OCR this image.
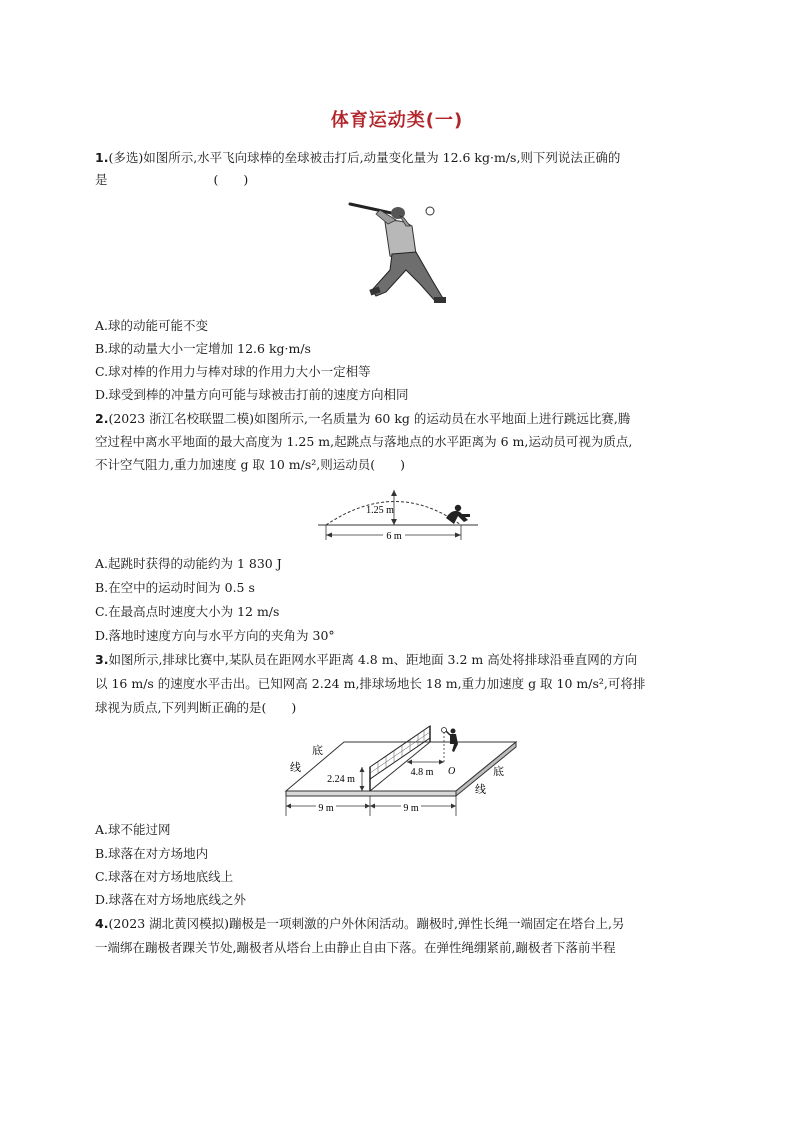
体育运动类(一)
1.(多选)如图所示,水平飞向球棒的垒球被击打后,动量变化量为 12.6 kg·m/s,则下列说法正确的
是	(　　)
A.球的动能可能不变
B.球的动量大小一定增加 12.6 kg·m/s
C.球对棒的作用力与棒对球的作用力大小一定相等
D.球受到棒的冲量方向可能与球被击打前的速度方向相同
2.(2023 浙江名校联盟二模)如图所示,一名质量为 60 kg 的运动员在水平地面上进行跳远比赛,腾
空过程中离水平地面的最大高度为 1.25 m,起跳点与落地点的水平距离为 6 m,运动员可视为质点,
不计空气阻力,重力加速度 g 取 10 m/s²,则运动员(　　)
1.25 m
6 m
A.起跳时获得的动能约为 1 830 J
B.在空中的运动时间为 0.5 s
C.在最高点时速度大小为 12 m/s
D.落地时速度方向与水平方向的夹角为 30°
3.如图所示,排球比赛中,某队员在距网水平距离 4.8 m、距地面 3.2 m 高处将排球沿垂直网的方向
以 16 m/s 的速度水平击出。已知网高 2.24 m,排球场地长 18 m,重力加速度 g 取 10 m/s²,可将排
球视为质点,下列判断正确的是(　　)
2.24 m
4.8 m O
底
线	底
线
9 m	9 m
A.球不能过网
B.球落在对方场地内
C.球落在对方场地底线上
D.球落在对方场地底线之外
4.(2023 湖北黄冈模拟)蹦极是一项刺激的户外休闲活动。蹦极时,弹性长绳一端固定在塔台上,另
一端绑在蹦极者踝关节处,蹦极者从塔台上由静止自由下落。在弹性绳绷紧前,蹦极者下落前半程
